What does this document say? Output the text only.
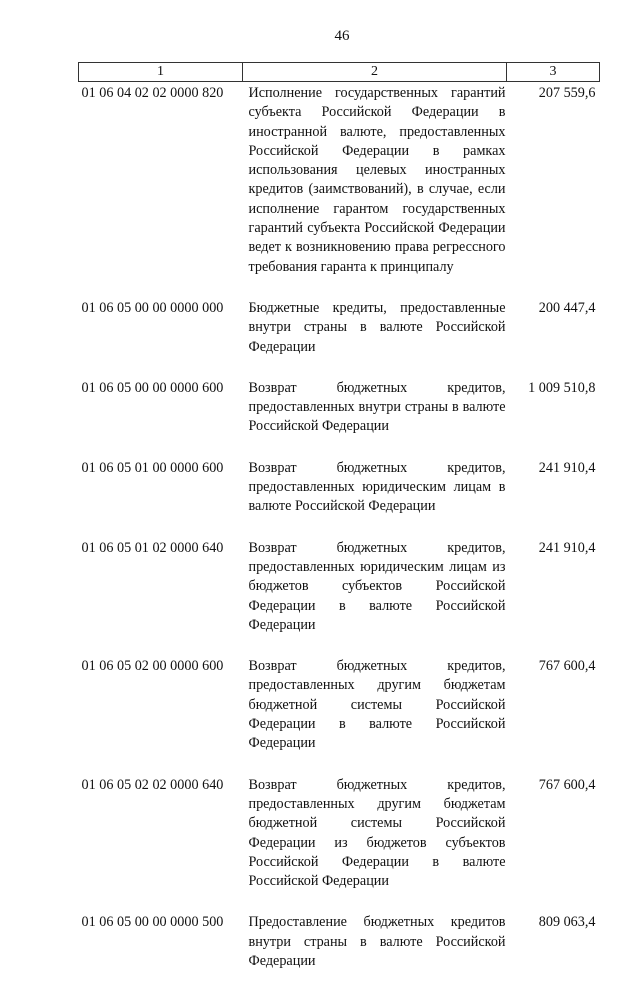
46
1	2	3
01 06 04 02 02 0000 820	Исполнение государственных гарантий субъекта Российской Федерации в иностранной валюте, предоставленных Российской Федерации в рамках использования целевых иностранных кредитов (заимствований), в случае, если исполнение гарантом государственных гарантий субъекта Российской Федерации ведет к возникновению права регрессного требования гаранта к принципалу	207 559,6
01 06 05 00 00 0000 000	Бюджетные кредиты, предоставленные внутри страны в валюте Российской Федерации	200 447,4
01 06 05 00 00 0000 600	Возврат бюджетных кредитов, предоставленных внутри страны в валюте Российской Федерации	1 009 510,8
01 06 05 01 00 0000 600	Возврат бюджетных кредитов, предоставленных юридическим лицам в валюте Российской Федерации	241 910,4
01 06 05 01 02 0000 640	Возврат бюджетных кредитов, предоставленных юридическим лицам из бюджетов субъектов Российской Федерации в валюте Российской Федерации	241 910,4
01 06 05 02 00 0000 600	Возврат бюджетных кредитов, предоставленных другим бюджетам бюджетной системы Российской Федерации в валюте Российской Федерации	767 600,4
01 06 05 02 02 0000 640	Возврат бюджетных кредитов, предоставленных другим бюджетам бюджетной системы Российской Федерации из бюджетов субъектов Российской Федерации в валюте Российской Федерации	767 600,4
01 06 05 00 00 0000 500	Предоставление бюджетных кредитов внутри страны в валюте Российской Федерации	809 063,4
